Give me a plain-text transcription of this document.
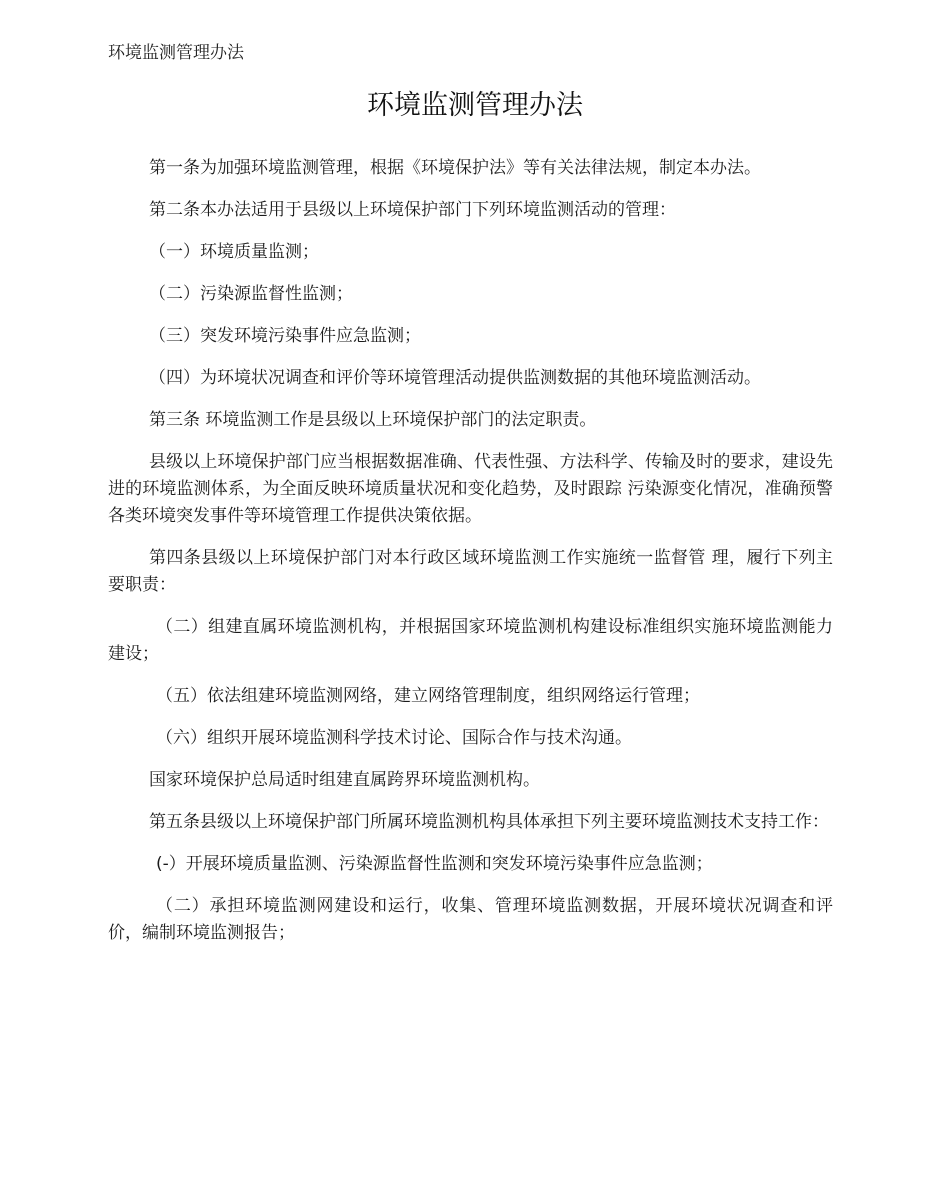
环境监测管理办法
环境监测管理办法

第一条为加强环境监测管理，根据《环境保护法》等有关法律法规，制定本办法。

第二条本办法适用于县级以上环境保护部门下列环境监测活动的管理：

（一）环境质量监测；

（二）污染源监督性监测；

（三）突发环境污染事件应急监测；

（四）为环境状况调查和评价等环境管理活动提供监测数据的其他环境监测活动。

第三条 环境监测工作是县级以上环境保护部门的法定职责。

县级以上环境保护部门应当根据数据准确、代表性强、方法科学、传输及时的要求，建设先进的环境监测体系，为全面反映环境质量状况和变化趋势，及时跟踪 污染源变化情况，准确预警各类环境突发事件等环境管理工作提供决策依据。

第四条县级以上环境保护部门对本行政区域环境监测工作实施统一监督管 理，履行下列主要职责：

（二）组建直属环境监测机构，并根据国家环境监测机构建设标准组织实施环境监测能力建设；

（五）依法组建环境监测网络，建立网络管理制度，组织网络运行管理；

（六）组织开展环境监测科学技术讨论、国际合作与技术沟通。

国家环境保护总局适时组建直属跨界环境监测机构。

第五条县级以上环境保护部门所属环境监测机构具体承担下列主要环境监测技术支持工作：

(-）开展环境质量监测、污染源监督性监测和突发环境污染事件应急监测；

（二）承担环境监测网建设和运行，收集、管理环境监测数据，开展环境状况调查和评价，编制环境监测报告；
